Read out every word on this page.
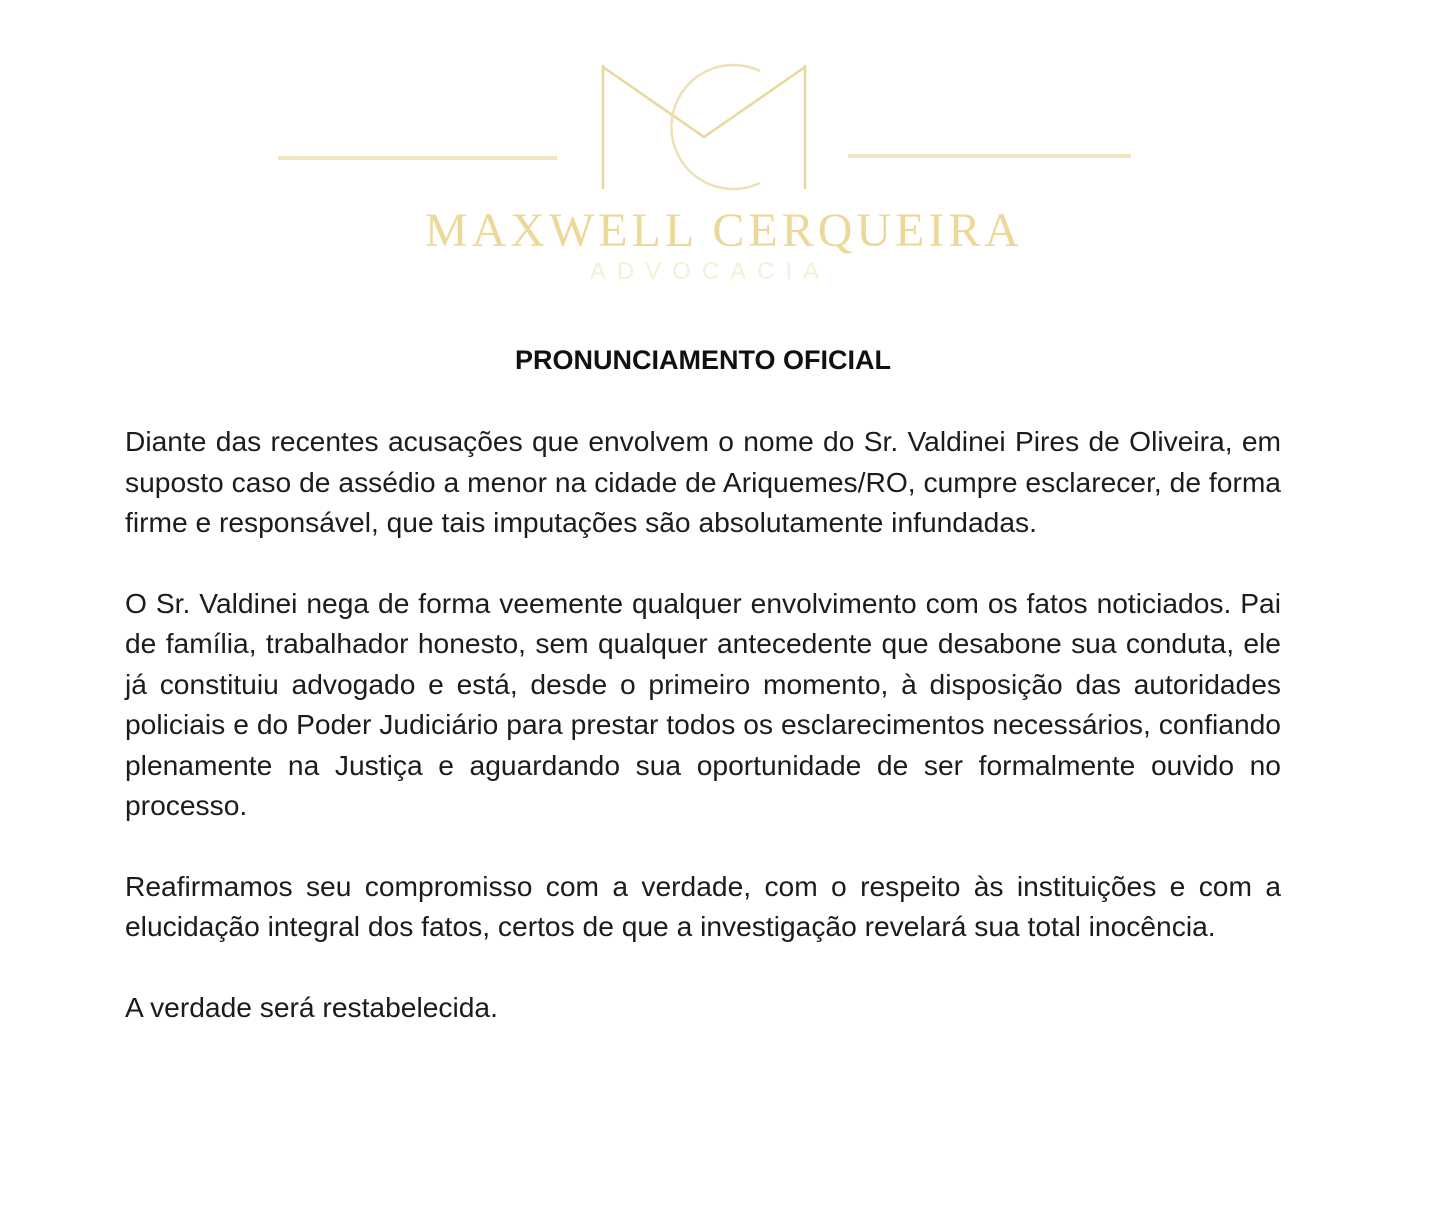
MAXWELL CERQUEIRA
ADVOCACIA
PRONUNCIAMENTO OFICIAL

Diante das recentes acusações que envolvem o nome do Sr. Valdinei Pires de Oliveira, em suposto caso de assédio a menor na cidade de Ariquemes/RO, cumpre esclarecer, de forma firme e responsável, que tais imputações são absolutamente infundadas.

O Sr. Valdinei nega de forma veemente qualquer envolvimento com os fatos noticiados. Pai de família, trabalhador honesto, sem qualquer antecedente que desabone sua conduta, ele já constituiu advogado e está, desde o primeiro momento, à disposição das autoridades policiais e do Poder Judiciário para prestar todos os esclarecimentos necessários, confiando plenamente na Justiça e aguardando sua oportunidade de ser formalmente ouvido no processo.

Reafirmamos seu compromisso com a verdade, com o respeito às instituições e com a elucidação integral dos fatos, certos de que a investigação revelará sua total inocência.

A verdade será restabelecida.
